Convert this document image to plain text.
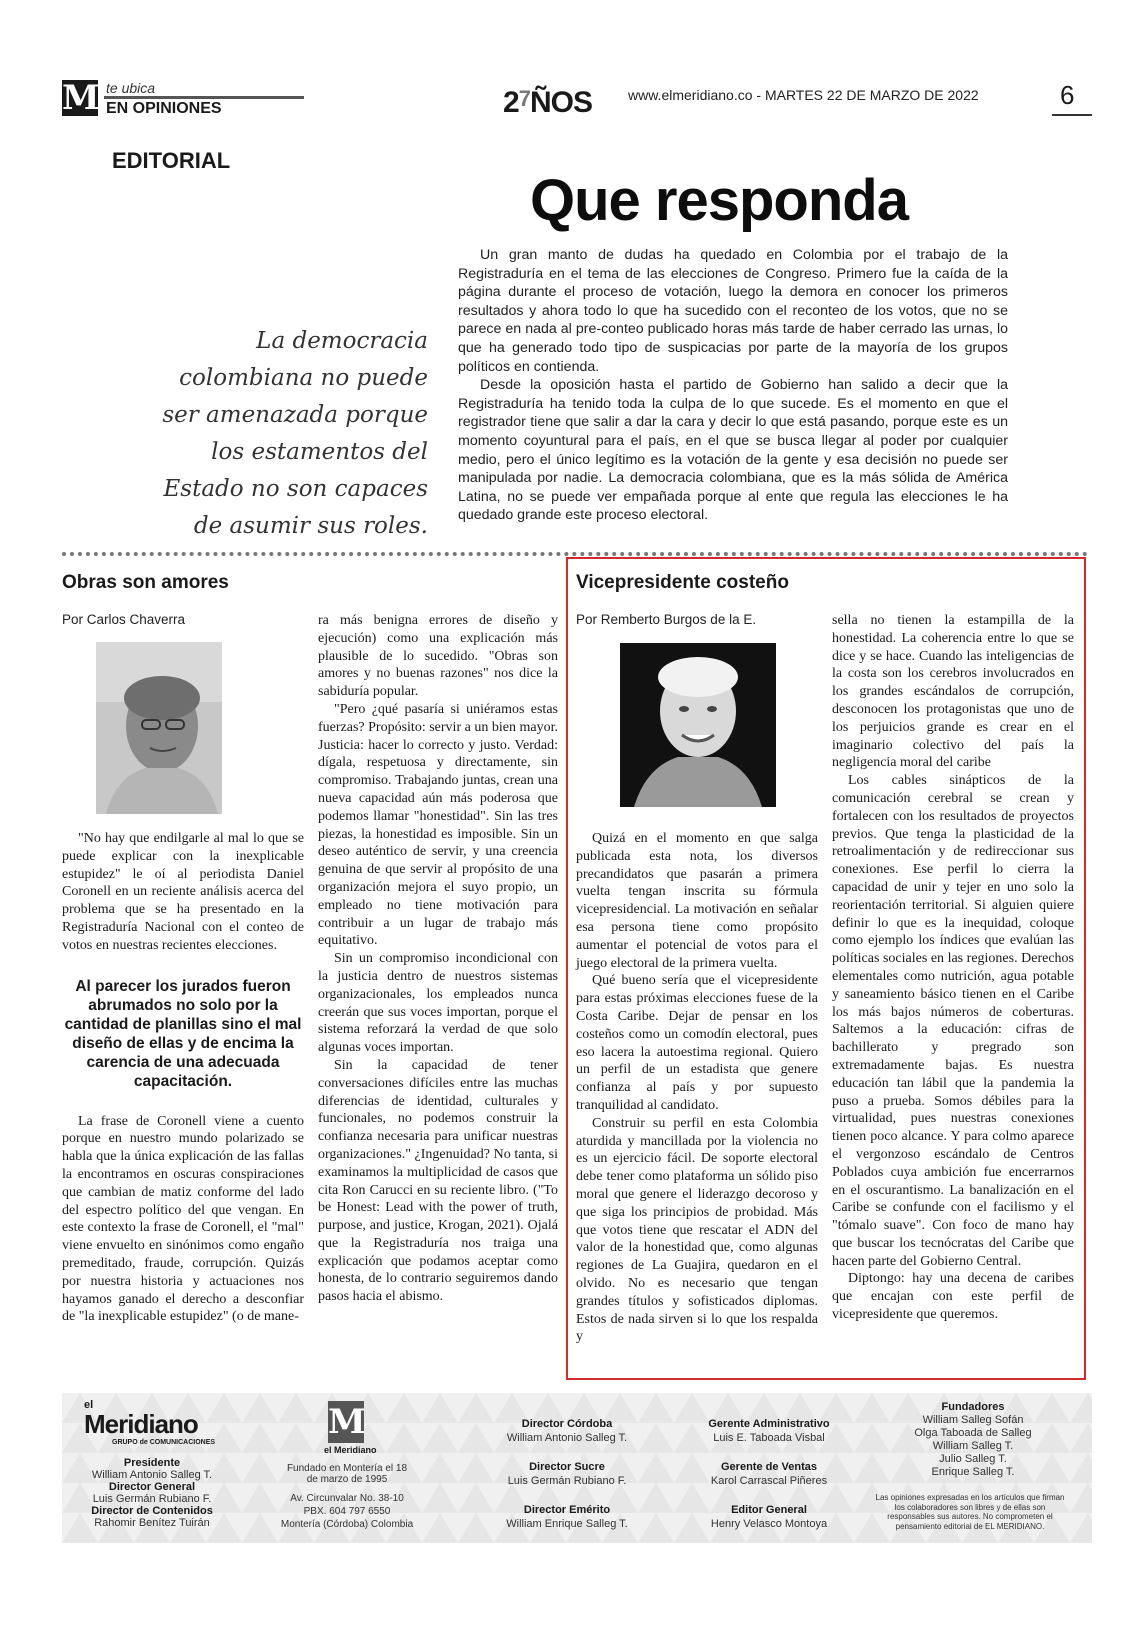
M te ubica
EN OPINIONES	$2^7ÑOS$	www.elmeridiano.co - MARTES 22 DE MARZO DE 2022	6
EDITORIAL
Que responda
La democracia colombiana no puede ser amenazada porque los estamentos del Estado no son capaces de asumir sus roles.

Un gran manto de dudas ha quedado en Colombia por el trabajo de la Registraduría en el tema de las elecciones de Congreso. Primero fue la caída de la página durante el proceso de votación, luego la demora en conocer los primeros resultados y ahora todo lo que ha sucedido con el reconteo de los votos, que no se parece en nada al pre-conteo publicado horas más tarde de haber cerrado las urnas, lo que ha generado todo tipo de suspicacias por parte de la mayoría de los grupos políticos en contienda.

Desde la oposición hasta el partido de Gobierno han salido a decir que la Registraduría ha tenido toda la culpa de lo que sucede. Es el momento en que el registrador tiene que salir a dar la cara y decir lo que está pasando, porque este es un momento coyuntural para el país, en el que se busca llegar al poder por cualquier medio, pero el único legítimo es la votación de la gente y esa decisión no puede ser manipulada por nadie. La democracia colombiana, que es la más sólida de América Latina, no se puede ver empañada porque al ente que regula las elecciones le ha quedado grande este proceso electoral.

Obras son amores
Por Carlos Chaverra

"No hay que endilgarle al mal lo que se puede explicar con la inexplicable estupidez" le oí al periodista Daniel Coronell en un reciente análisis acerca del problema que se ha presentado en la Registraduría Nacional con el conteo de votos en nuestras recientes elecciones.

Al parecer los jurados fueron abrumados no solo por la cantidad de planillas sino el mal diseño de ellas y de encima la carencia de una adecuada capacitación.

La frase de Coronell viene a cuento porque en nuestro mundo polarizado se habla que la única explicación de las fallas la encontramos en oscuras conspiraciones que cambian de matiz conforme del lado del espectro político del que vengan. En este contexto la frase de Coronell, el "mal" viene envuelto en sinónimos como engaño premeditado, fraude, corrupción. Quizás por nuestra historia y actuaciones nos hayamos ganado el derecho a desconfiar de "la inexplicable estupidez" (o de mane-

ra más benigna errores de diseño y ejecución) como una explicación más plausible de lo sucedido. "Obras son amores y no buenas razones" nos dice la sabiduría popular.

"Pero ¿qué pasaría si uniéramos estas fuerzas? Propósito: servir a un bien mayor. Justicia: hacer lo correcto y justo. Verdad: dígala, respetuosa y directamente, sin compromiso. Trabajando juntas, crean una nueva capacidad aún más poderosa que podemos llamar "honestidad". Sin las tres piezas, la honestidad es imposible. Sin un deseo auténtico de servir, y una creencia genuina de que servir al propósito de una organización mejora el suyo propio, un empleado no tiene motivación para contribuir a un lugar de trabajo más equitativo.

Sin un compromiso incondicional con la justicia dentro de nuestros sistemas organizacionales, los empleados nunca creerán que sus voces importan, porque el sistema reforzará la verdad de que solo algunas voces importan.

Sin la capacidad de tener conversaciones difíciles entre las muchas diferencias de identidad, culturales y funcionales, no podemos construir la confianza necesaria para unificar nuestras organizaciones." ¿Ingenuidad? No tanta, si examinamos la multiplicidad de casos que cita Ron Carucci en su reciente libro. ("To be Honest: Lead with the power of truth, purpose, and justice, Krogan, 2021). Ojalá que la Registraduría nos traiga una explicación que podamos aceptar como honesta, de lo contrario seguiremos dando pasos hacia el abismo.

Vicepresidente costeño
Por Remberto Burgos de la E.

Quizá en el momento en que salga publicada esta nota, los diversos precandidatos que pasarán a primera vuelta tengan inscrita su fórmula vicepresidencial. La motivación en señalar esa persona tiene como propósito aumentar el potencial de votos para el juego electoral de la primera vuelta.

Qué bueno sería que el vicepresidente para estas próximas elecciones fuese de la Costa Caribe. Dejar de pensar en los costeños como un comodín electoral, pues eso lacera la autoestima regional. Quiero un perfil de un estadista que genere confianza al país y por supuesto tranquilidad al candidato.

Construir su perfil en esta Colombia aturdida y mancillada por la violencia no es un ejercicio fácil. De soporte electoral debe tener como plataforma un sólido piso moral que genere el liderazgo decoroso y que siga los principios de probidad. Más que votos tiene que rescatar el ADN del valor de la honestidad que, como algunas regiones de La Guajira, quedaron en el olvido. No es necesario que tengan grandes títulos y sofisticados diplomas. Estos de nada sirven si lo que los respalda y

sella no tienen la estampilla de la honestidad. La coherencia entre lo que se dice y se hace. Cuando las inteligencias de la costa son los cerebros involucrados en los grandes escándalos de corrupción, desconocen los protagonistas que uno de los perjuicios grande es crear en el imaginario colectivo del país la negligencia moral del caribe

Los cables sinápticos de la comunicación cerebral se crean y fortalecen con los resultados de proyectos previos. Que tenga la plasticidad de la retroalimentación y de redireccionar sus conexiones. Ese perfil lo cierra la capacidad de unir y tejer en uno solo la reorientación territorial. Si alguien quiere definir lo que es la inequidad, coloque como ejemplo los índices que evalúan las políticas sociales en las regiones. Derechos elementales como nutrición, agua potable y saneamiento básico tienen en el Caribe los más bajos números de coberturas. Saltemos a la educación: cifras de bachillerato y pregrado son extremadamente bajas. Es nuestra educación tan lábil que la pandemia la puso a prueba. Somos débiles para la virtualidad, pues nuestras conexiones tienen poco alcance. Y para colmo aparece el vergonzoso escándalo de Centros Poblados cuya ambición fue encerrarnos en el oscurantismo. La banalización en el Caribe se confunde con el facilismo y el "tómalo suave". Con foco de mano hay que buscar los tecnócratas del Caribe que hacen parte del Gobierno Central.

Diptongo: hay una decena de caribes que encajan con este perfil de vicepresidente que queremos.

el
Meridiano
GRUPO de COMUNICACIONES
Presidente
William Antonio Salleg T.
Director General
Luis Germán Rubiano F.
Director de Contenidos
Rahomir Benítez Tuirán
M
el Meridiano
Fundado en Montería el 18 de marzo de 1995
Av. Circunvalar No. 38-10
PBX. 604 797 6550
Montería (Córdoba) Colombia
Director Córdoba
William Antonio Salleg T.
Director Sucre
Luis Germán Rubiano F.
Director Emérito
William Enrique Salleg T.
Gerente Administrativo
Luis E. Taboada Visbal
Gerente de Ventas
Karol Carrascal Piñeres
Editor General
Henry Velasco Montoya
Fundadores
William Salleg Sofán
Olga Taboada de Salleg
William Salleg T.
Julio Salleg T.
Enrique Salleg T.
Las opiniones expresadas en los artículos que firman los colaboradores son libres y de ellas son responsables sus autores. No comprometen el pensamiento editorial de EL MERIDIANO.
